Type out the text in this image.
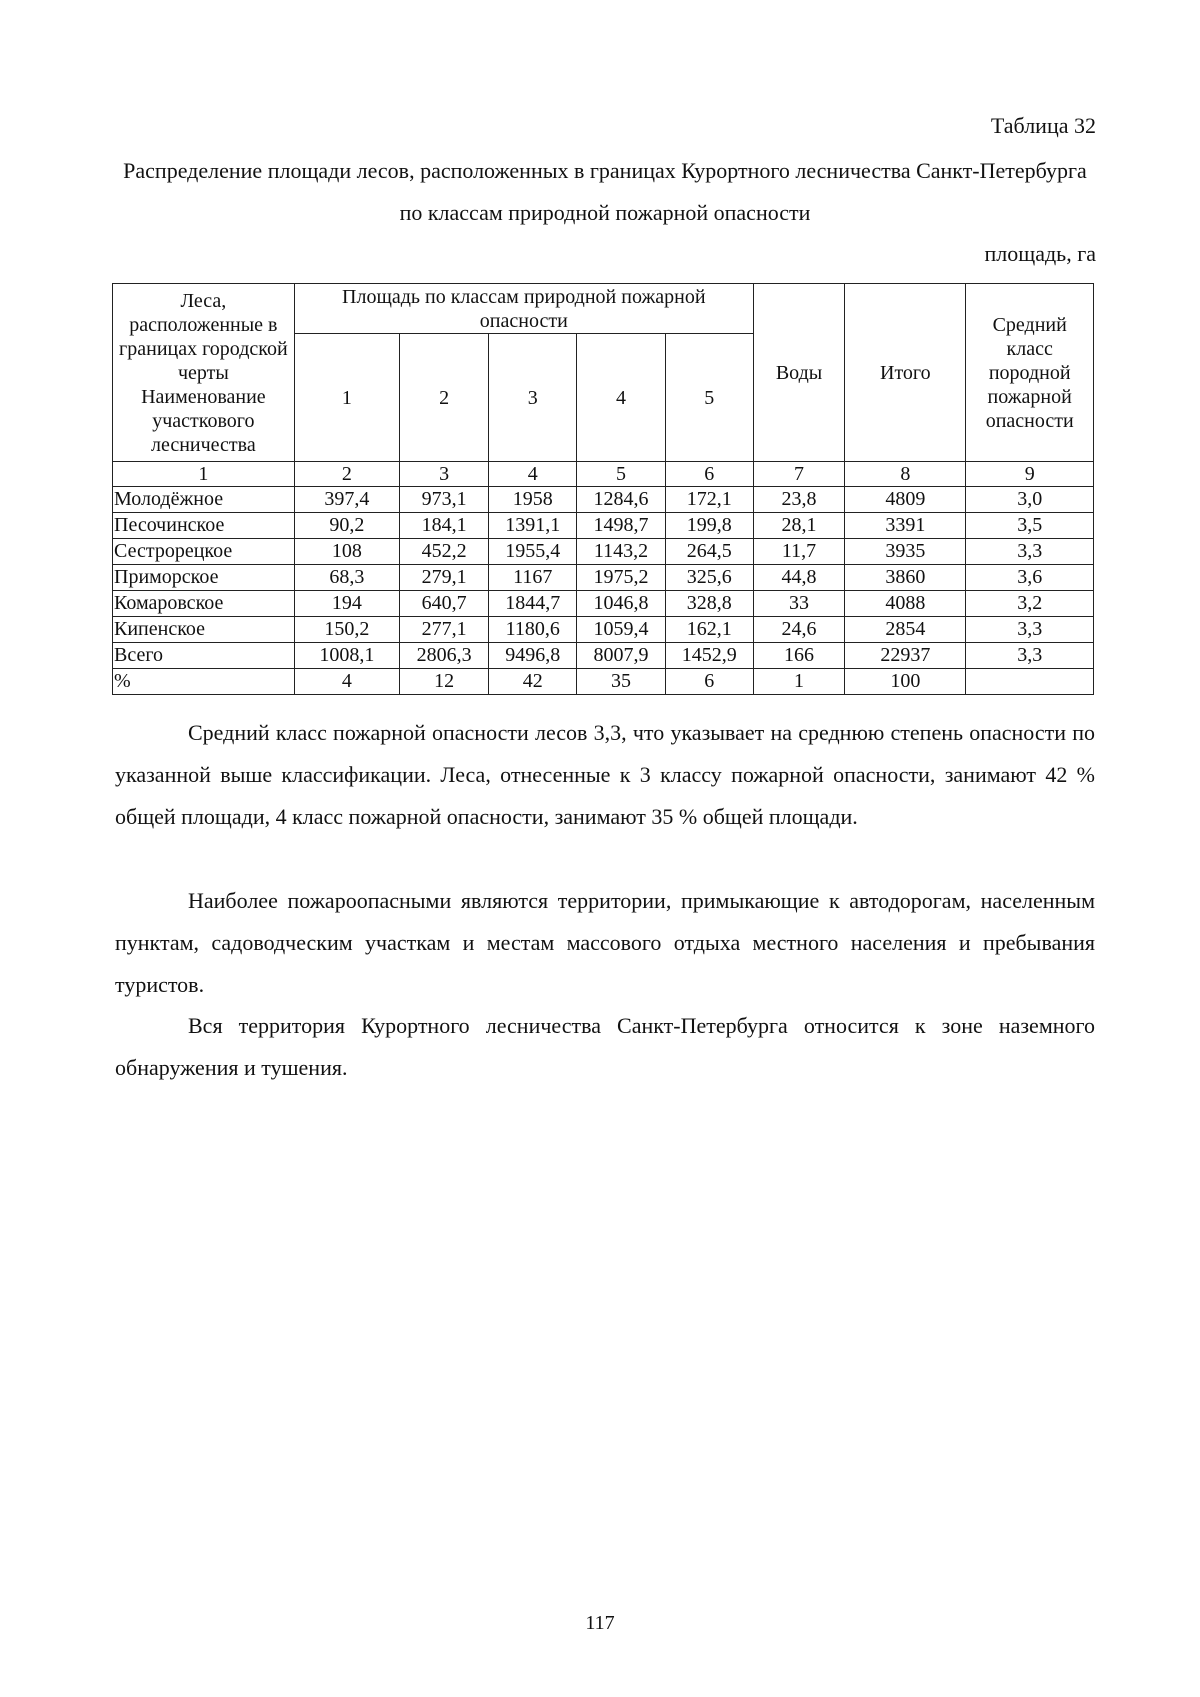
Таблица 32
Распределение площади лесов, расположенных в границах Курортного лесничества Санкт-Петербурга по классам природной пожарной опасности
площадь, га
Леса, расположенные в границах городской черты Наименование участкового лесничества	Площадь по классам природной пожарной опасности					Воды	Итого	Средний класс породной пожарной опасности
	1	2	3	4	5			
1	2	3	4	5	6	7	8	9
Молодёжное	397,4	973,1	1958	1284,6	172,1	23,8	4809	3,0
Песочинское	90,2	184,1	1391,1	1498,7	199,8	28,1	3391	3,5
Сестрорецкое	108	452,2	1955,4	1143,2	264,5	11,7	3935	3,3
Приморское	68,3	279,1	1167	1975,2	325,6	44,8	3860	3,6
Комаровское	194	640,7	1844,7	1046,8	328,8	33	4088	3,2
Кипенское	150,2	277,1	1180,6	1059,4	162,1	24,6	2854	3,3
Всего	1008,1	2806,3	9496,8	8007,9	1452,9	166	22937	3,3
%	4	12	42	35	6	1	100	

Средний класс пожарной опасности лесов 3,3, что указывает на среднюю степень опасности по указанной выше классификации. Леса, отнесенные к 3 классу пожарной опасности, занимают 42 % общей площади, 4 класс пожарной опасности, занимают 35 % общей площади.

Наиболее пожароопасными являются территории, примыкающие к автодорогам, населенным пунктам, садоводческим участкам и местам массового отдыха местного населения и пребывания туристов.

Вся территория Курортного лесничества Санкт-Петербурга относится к зоне наземного обнаружения и тушения.

117
